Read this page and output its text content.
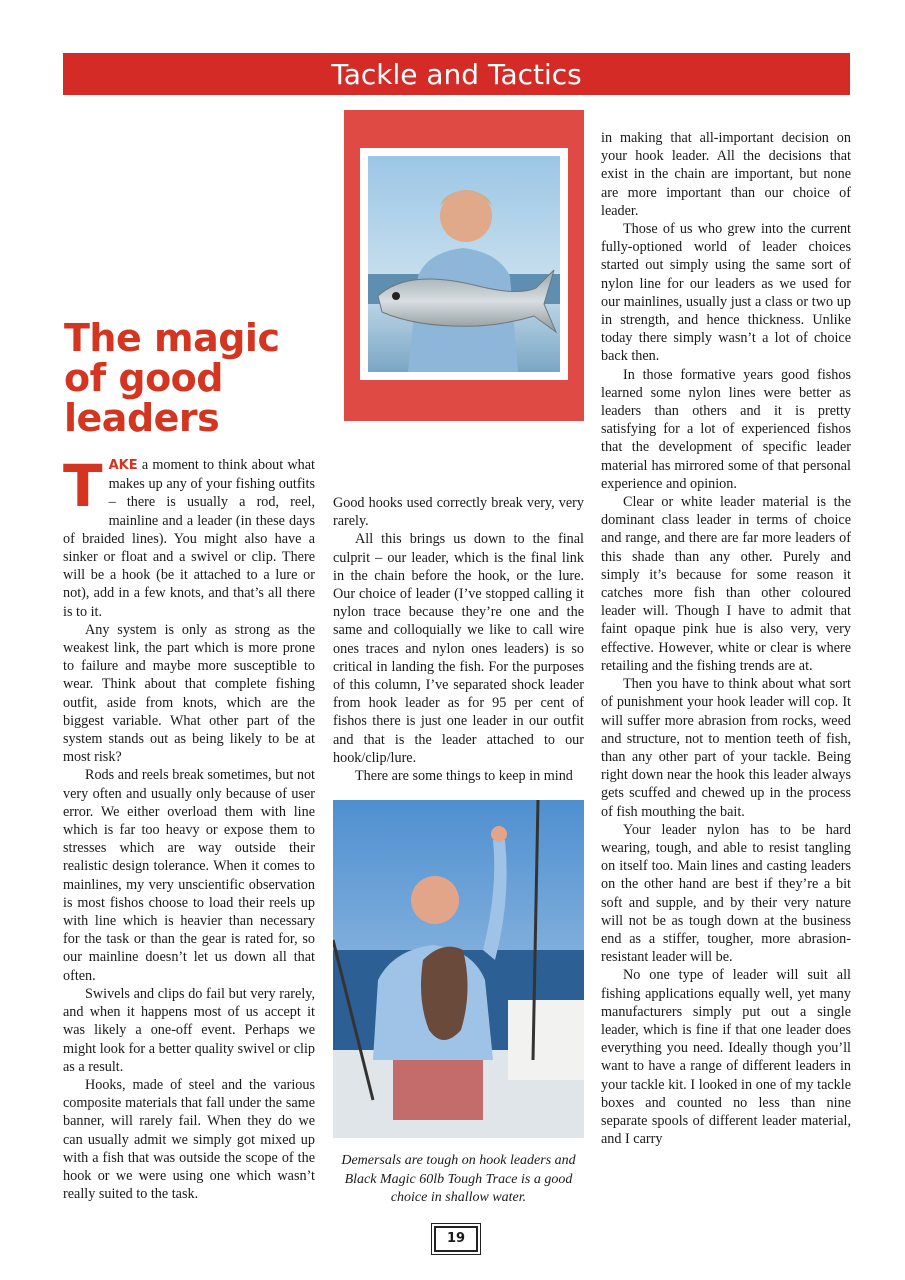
Tackle and Tactics
The magic
of good
leaders

TAKE a moment to think about what makes up any of your fishing outfits – there is usually a rod, reel, mainline and a leader (in these days of braided lines). You might also have a sinker or float and a swivel or clip. There will be a hook (be it attached to a lure or not), add in a few knots, and that’s all there is to it.

Any system is only as strong as the weakest link, the part which is more prone to failure and maybe more susceptible to wear. Think about that complete fishing outfit, aside from knots, which are the biggest variable. What other part of the system stands out as being likely to be at most risk?

Rods and reels break sometimes, but not very often and usually only because of user error. We either overload them with line which is far too heavy or expose them to stresses which are way outside their realistic design tolerance. When it comes to mainlines, my very unscientific observation is most fishos choose to load their reels up with line which is heavier than necessary for the task or than the gear is rated for, so our mainline doesn’t let us down all that often.

Swivels and clips do fail but very rarely, and when it happens most of us accept it was likely a one-off event. Perhaps we might look for a better quality swivel or clip as a result.

Hooks, made of steel and the various composite materials that fall under the same banner, will rarely fail. When they do we can usually admit we simply got mixed up with a fish that was outside the scope of the hook or we were using one which wasn’t really suited to the task.

Good hooks used correctly break very, very rarely.

All this brings us down to the final culprit – our leader, which is the final link in the chain before the hook, or the lure. Our choice of leader (I’ve stopped calling it nylon trace because they’re one and the same and colloquially we like to call wire ones traces and nylon ones leaders) is so critical in landing the fish. For the purposes of this column, I’ve separated shock leader from hook leader as for 95 per cent of fishos there is just one leader in our outfit and that is the leader attached to our hook/clip/lure.

There are some things to keep in mind

Demersals are tough on hook leaders and Black Magic 60lb Tough Trace is a good choice in shallow water.

in making that all-important decision on your hook leader. All the decisions that exist in the chain are important, but none are more important than our choice of leader.

Those of us who grew into the current fully-optioned world of leader choices started out simply using the same sort of nylon line for our leaders as we used for our mainlines, usually just a class or two up in strength, and hence thickness. Unlike today there simply wasn’t a lot of choice back then.

In those formative years good fishos learned some nylon lines were better as leaders than others and it is pretty satisfying for a lot of experienced fishos that the development of specific leader material has mirrored some of that personal experience and opinion.

Clear or white leader material is the dominant class leader in terms of choice and range, and there are far more leaders of this shade than any other. Purely and simply it’s because for some reason it catches more fish than other coloured leader will. Though I have to admit that faint opaque pink hue is also very, very effective. However, white or clear is where retailing and the fishing trends are at.

Then you have to think about what sort of punishment your hook leader will cop. It will suffer more abrasion from rocks, weed and structure, not to mention teeth of fish, than any other part of your tackle. Being right down near the hook this leader always gets scuffed and chewed up in the process of fish mouthing the bait.

Your leader nylon has to be hard wearing, tough, and able to resist tangling on itself too. Main lines and casting leaders on the other hand are best if they’re a bit soft and supple, and by their very nature will not be as tough down at the business end as a stiffer, tougher, more abrasion-resistant leader will be.

No one type of leader will suit all fishing applications equally well, yet many manufacturers simply put out a single leader, which is fine if that one leader does everything you need. Ideally though you’ll want to have a range of different leaders in your tackle kit. I looked in one of my tackle boxes and counted no less than nine separate spools of different leader material, and I carry

19
